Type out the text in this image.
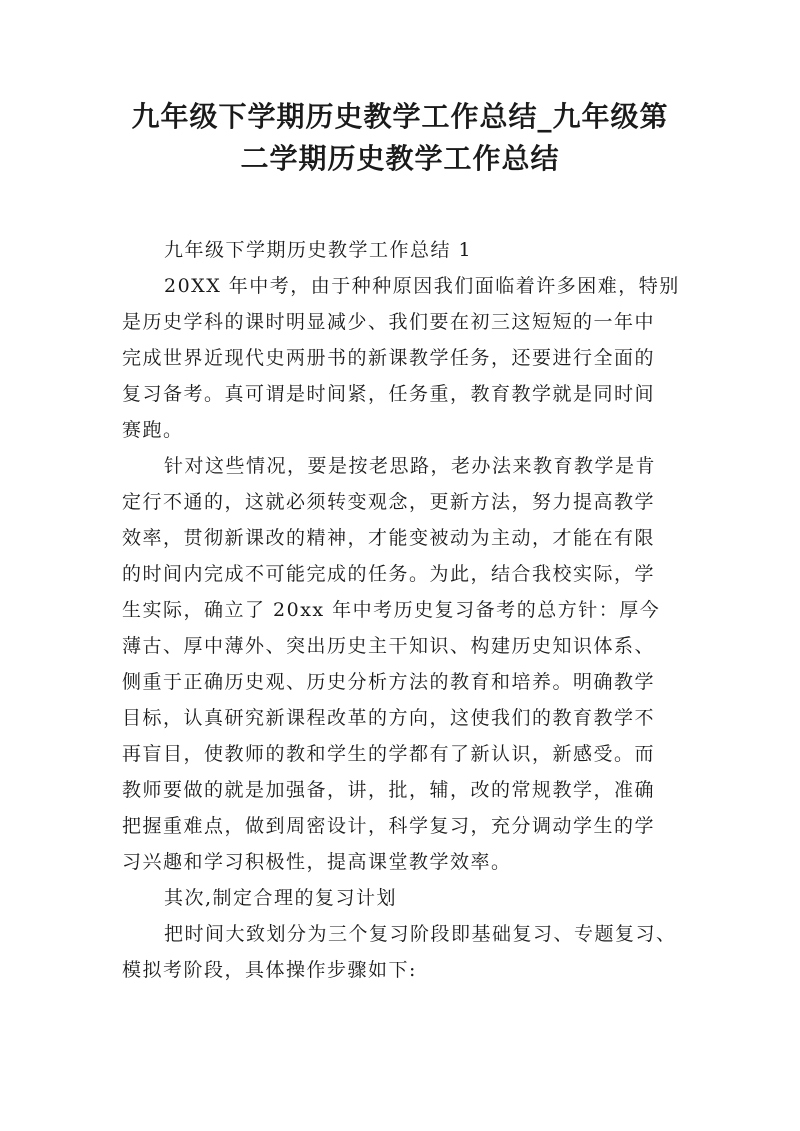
九年级下学期历史教学工作总结_九年级第
二学期历史教学工作总结

九年级下学期历史教学工作总结 1

20XX 年中考，由于种种原因我们面临着许多困难，特别
是历史学科的课时明显减少、我们要在初三这短短的一年中
完成世界近现代史两册书的新课教学任务，还要进行全面的
复习备考。真可谓是时间紧，任务重，教育教学就是同时间
赛跑。

针对这些情况，要是按老思路，老办法来教育教学是肯
定行不通的，这就必须转变观念，更新方法，努力提高教学
效率，贯彻新课改的精神，才能变被动为主动，才能在有限
的时间内完成不可能完成的任务。为此，结合我校实际，学
生实际，确立了 20xx 年中考历史复习备考的总方针：厚今
薄古、厚中薄外、突出历史主干知识、构建历史知识体系、
侧重于正确历史观、历史分析方法的教育和培养。明确教学
目标，认真研究新课程改革的方向，这使我们的教育教学不
再盲目，使教师的教和学生的学都有了新认识，新感受。而
教师要做的就是加强备，讲，批，辅，改的常规教学，准确
把握重难点，做到周密设计，科学复习，充分调动学生的学
习兴趣和学习积极性，提高课堂教学效率。

其次,制定合理的复习计划

把时间大致划分为三个复习阶段即基础复习、专题复习、
模拟考阶段，具体操作步骤如下:
